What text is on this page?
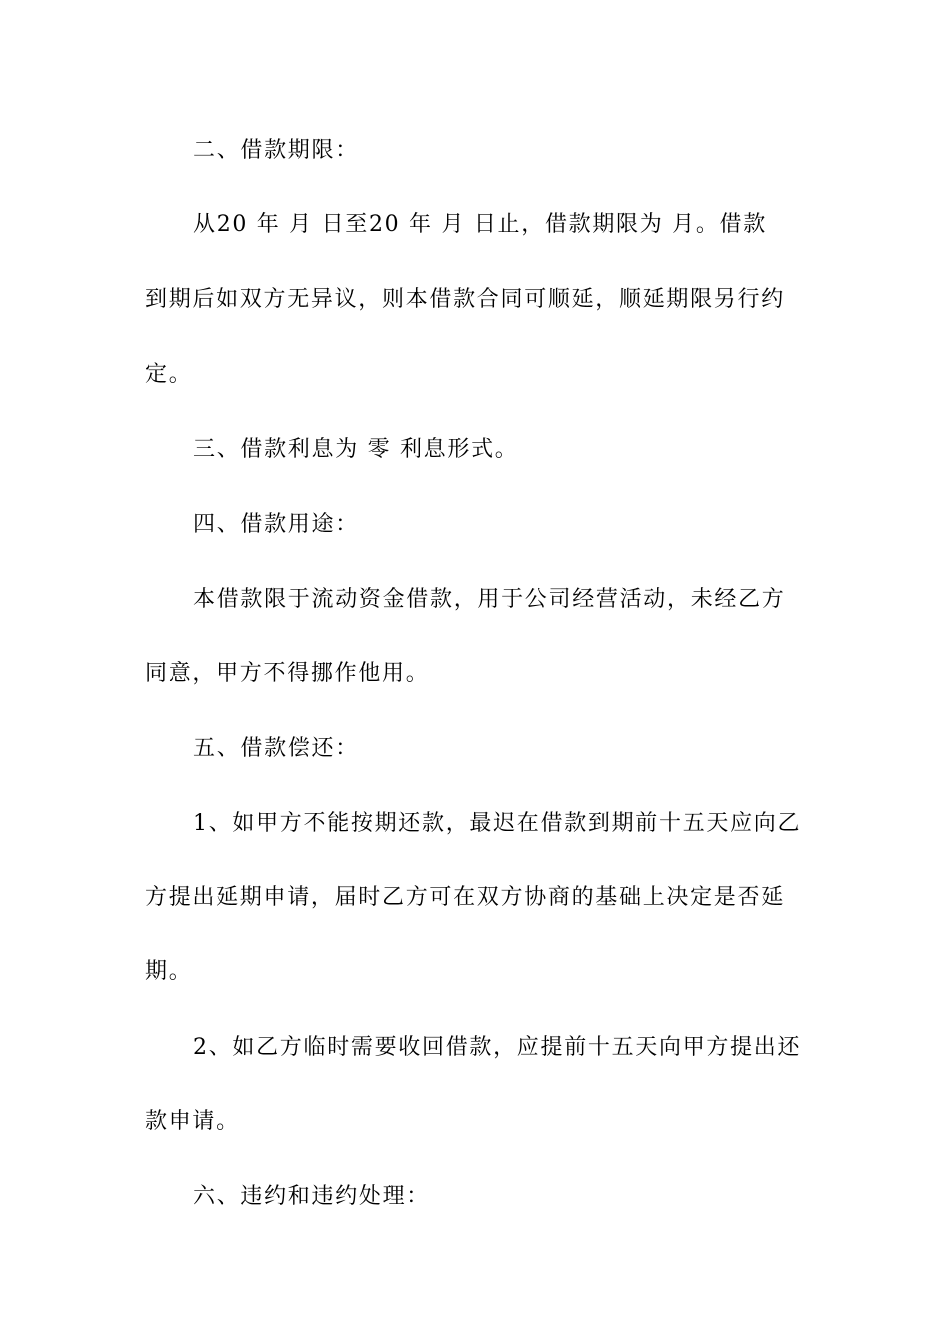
二、借款期限：
从20 年 月 日至20 年 月 日止，借款期限为 月。借款
到期后如双方无异议，则本借款合同可顺延，顺延期限另行约
定。
三、借款利息为 零 利息形式。
四、借款用途：
本借款限于流动资金借款，用于公司经营活动，未经乙方
同意，甲方不得挪作他用。
五、借款偿还：
1、如甲方不能按期还款，最迟在借款到期前十五天应向乙
方提出延期申请，届时乙方可在双方协商的基础上决定是否延
期。
2、如乙方临时需要收回借款，应提前十五天向甲方提出还
款申请。
六、违约和违约处理：
